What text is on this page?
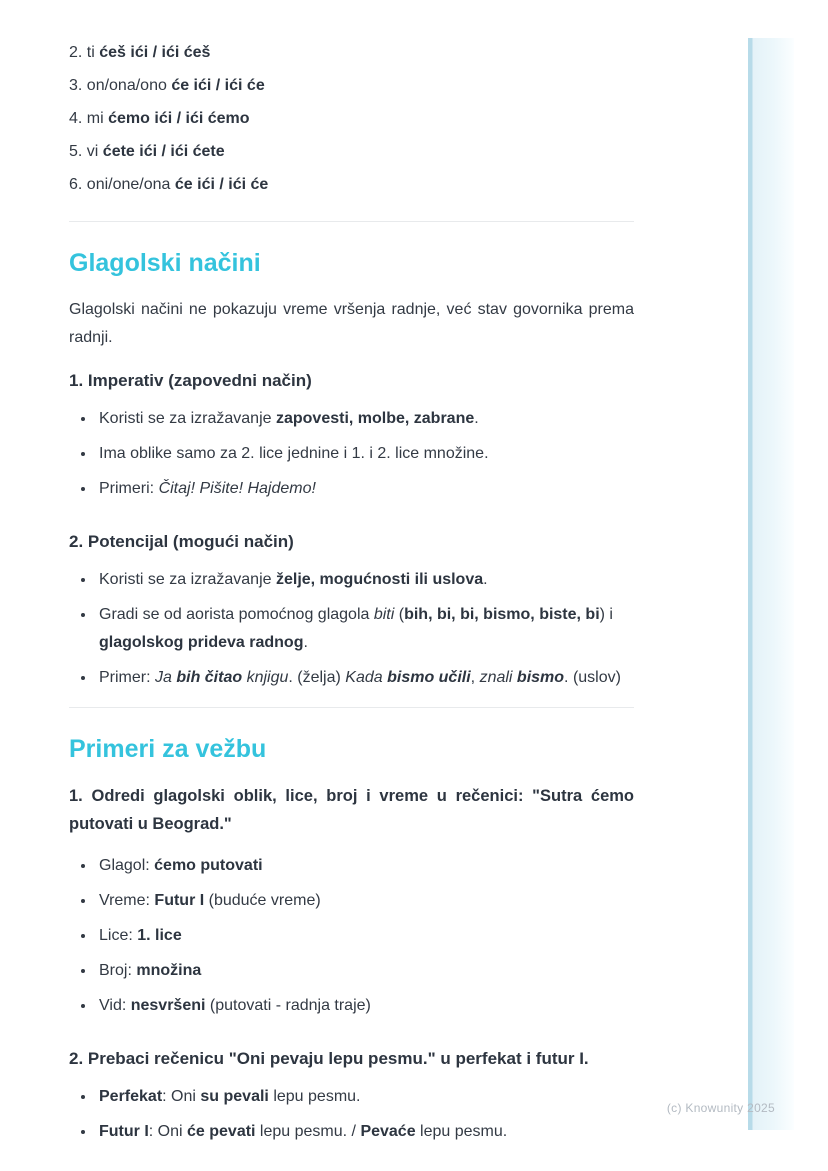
2. ti ćeš ići / ići ćeš
3. on/ona/ono će ići / ići će
4. mi ćemo ići / ići ćemo
5. vi ćete ići / ići ćete
6. oni/one/ona će ići / ići će
Glagolski načini

Glagolski načini ne pokazuju vreme vršenja radnje, već stav govornika prema radnji.

1. Imperativ (zapovedni način)

• Koristi se za izražavanje zapovesti, molbe, zabrane.
• Ima oblike samo za 2. lice jednine i 1. i 2. lice množine.
• Primeri: Čitaj! Pišite! Hajdemo!

2. Potencijal (mogući način)

• Koristi se za izražavanje želje, mogućnosti ili uslova.
• Gradi se od aorista pomoćnog glagola biti (bih, bi, bi, bismo, biste, bi) i glagolskog prideva radnog.
• Primer: Ja bih čitao knjigu. (želja) Kada bismo učili, znali bismo. (uslov)
Primeri za vežbu

1. Odredi glagolski oblik, lice, broj i vreme u rečenici: "Sutra ćemo putovati u Beograd."

• Glagol: ćemo putovati
• Vreme: Futur I (buduće vreme)
• Lice: 1. lice
• Broj: množina
• Vid: nesvršeni (putovati - radnja traje)

2. Prebaci rečenicu "Oni pevaju lepu pesmu." u perfekat i futur I.

• Perfekat: Oni su pevali lepu pesmu.
• Futur I: Oni će pevati lepu pesmu. / Pevaće lepu pesmu.
(c) Knowunity 2025
